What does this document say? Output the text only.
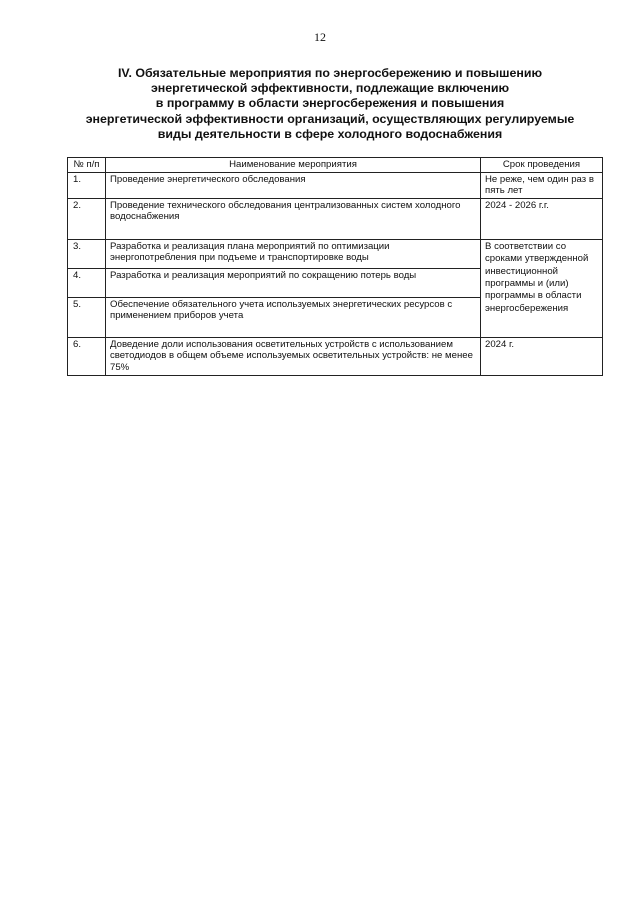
12
IV. Обязательные мероприятия по энергосбережению и повышению
энергетической эффективности, подлежащие включению
в программу в области энергосбережения и повышения
энергетической эффективности организаций, осуществляющих регулируемые
виды деятельности в сфере холодного водоснабжения
№ п/п	Наименование мероприятия	Срок проведения
1.	Проведение энергетического обследования	Не реже, чем один раз в пять лет
2.	Проведение технического обследования централизованных систем холодного водоснабжения	2024 - 2026 г.г.
3.	Разработка и реализация плана мероприятий по оптимизации энергопотребления при подъеме и транспортировке воды	В соответствии со сроками утвержденной инвестиционной программы и (или) программы в области энергосбережения
4.	Разработка и реализация мероприятий по сокращению потерь воды	
5.	Обеспечение обязательного учета используемых энергетических ресурсов с применением приборов учета	
6.	Доведение доли использования осветительных устройств с использованием светодиодов в общем объеме используемых осветительных устройств: не менее 75%	2024 г.
